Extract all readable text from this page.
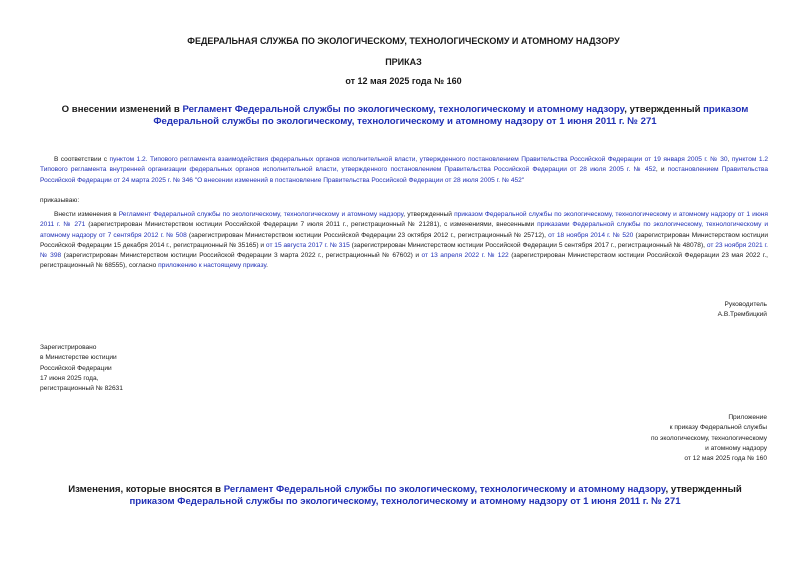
ФЕДЕРАЛЬНАЯ СЛУЖБА ПО ЭКОЛОГИЧЕСКОМУ, ТЕХНОЛОГИЧЕСКОМУ И АТОМНОМУ НАДЗОРУ
ПРИКАЗ
от 12 мая 2025 года № 160
О внесении изменений в Регламент Федеральной службы по экологическому, технологическому и атомному надзору, утвержденный приказом Федеральной службы по экологическому, технологическому и атомному надзору от 1 июня 2011 г. № 271
В соответствии с пунктом 1.2. Типового регламента взаимодействия федеральных органов исполнительной власти, утвержденного постановлением Правительства Российской Федерации от 19 января 2005 г. № 30, пунктом 1.2 Типового регламента внутренней организации федеральных органов исполнительной власти, утвержденного постановлением Правительства Российской Федерации от 28 июля 2005 г. № 452, и постановлением Правительства Российской Федерации от 24 марта 2025 г. № 346 "О внесении изменений в постановление Правительства Российской Федерации от 28 июля 2005 г. № 452"
приказываю:
Внести изменения в Регламент Федеральной службы по экологическому, технологическому и атомному надзору, утвержденный приказом Федеральной службы по экологическому, технологическому и атомному надзору от 1 июня 2011 г. № 271 (зарегистрирован Министерством юстиции Российской Федерации 7 июля 2011 г., регистрационный № 21281), с изменениями, внесенными приказами Федеральной службы по экологическому, технологическому и атомному надзору от 7 сентября 2012 г. № 508 (зарегистрирован Министерством юстиции Российской Федерации 23 октября 2012 г., регистрационный № 25712), от 18 ноября 2014 г. № 520 (зарегистрирован Министерством юстиции Российской Федерации 15 декабря 2014 г., регистрационный № 35165) и от 15 августа 2017 г. № 315 (зарегистрирован Министерством юстиции Российской Федерации 5 сентября 2017 г., регистрационный № 48078), от 23 ноября 2021 г. № 398 (зарегистрирован Министерством юстиции Российской Федерации 3 марта 2022 г., регистрационный № 67602) и от 13 апреля 2022 г. № 122 (зарегистрирован Министерством юстиции Российской Федерации 23 мая 2022 г., регистрационный № 68555), согласно приложению к настоящему приказу.
Руководитель
А.В.Трембицкий
Зарегистрировано
в Министерстве юстиции
Российской Федерации
17 июня 2025 года,
регистрационный № 82631
Приложение
к приказу Федеральной службы
по экологическому, технологическому
и атомному надзору
от 12 мая 2025 года № 160
Изменения, которые вносятся в Регламент Федеральной службы по экологическому, технологическому и атомному надзору, утвержденный приказом Федеральной службы по экологическому, технологическому и атомному надзору от 1 июня 2011 г. № 271
